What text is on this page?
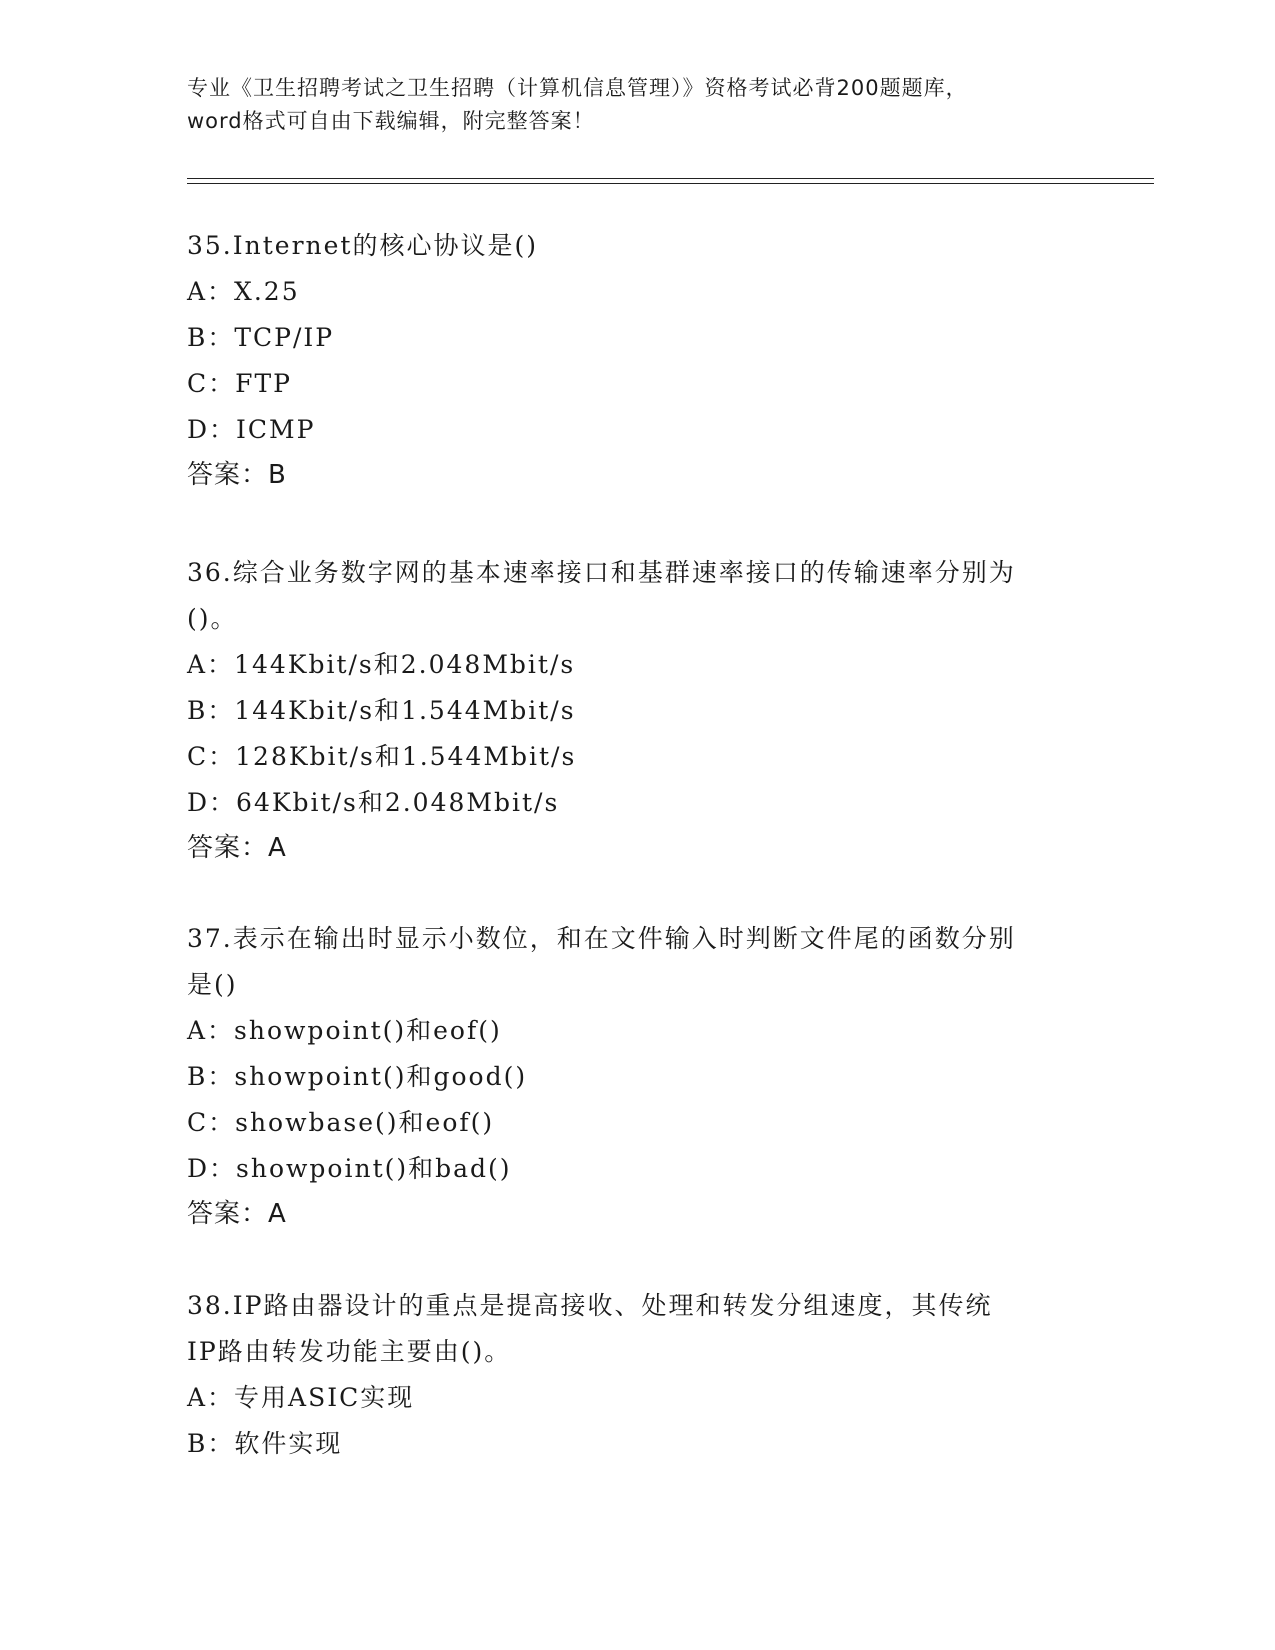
专业《卫生招聘考试之卫生招聘（计算机信息管理）》资格考试必背200题题库，
word格式可自由下载编辑，附完整答案！
35.Internet的核心协议是()
A：X.25
B：TCP/IP
C：FTP
D：ICMP
答案：B
36.综合业务数字网的基本速率接口和基群速率接口的传输速率分别为
()。
A：144Kbit/s和2.048Mbit/s
B：144Kbit/s和1.544Mbit/s
C：128Kbit/s和1.544Mbit/s
D：64Kbit/s和2.048Mbit/s
答案：A
37.表示在输出时显示小数位，和在文件输入时判断文件尾的函数分别
是()
A：showpoint()和eof()
B：showpoint()和good()
C：showbase()和eof()
D：showpoint()和bad()
答案：A
38.IP路由器设计的重点是提高接收、处理和转发分组速度，其传统
IP路由转发功能主要由()。
A：专用ASIC实现
B：软件实现
